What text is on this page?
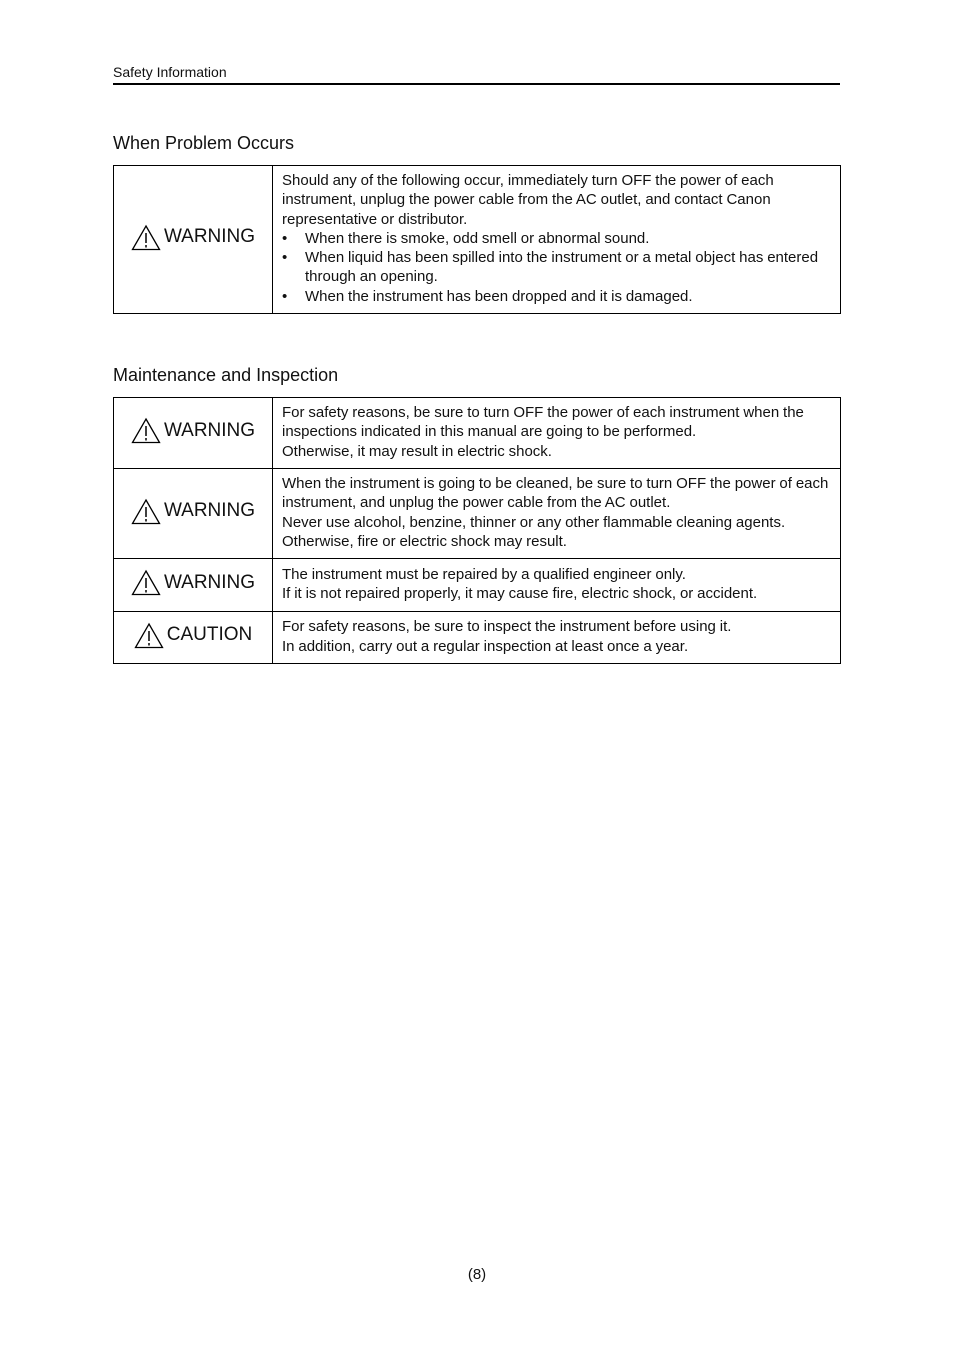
Safety Information
When Problem Occurs
WARNING

Should any of the following occur, immediately turn OFF the power of each instrument, unplug the power cable from the AC outlet, and contact Canon representative or distributor.
• When there is smoke, odd smell or abnormal sound.
• When liquid has been spilled into the instrument or a metal object has entered through an opening.
• When the instrument has been dropped and it is damaged.
Maintenance and Inspection
WARNING	For safety reasons, be sure to turn OFF the power of each instrument when the inspections indicated in this manual are going to be performed.
Otherwise, it may result in electric shock.

WARNING	When the instrument is going to be cleaned, be sure to turn OFF the power of each instrument, and unplug the power cable from the AC outlet.
Never use alcohol, benzine, thinner or any other flammable cleaning agents.
Otherwise, fire or electric shock may result.

WARNING	The instrument must be repaired by a qualified engineer only.
If it is not repaired properly, it may cause fire, electric shock, or accident.

CAUTION	For safety reasons, be sure to inspect the instrument before using it.
In addition, carry out a regular inspection at least once a year.
(8)
